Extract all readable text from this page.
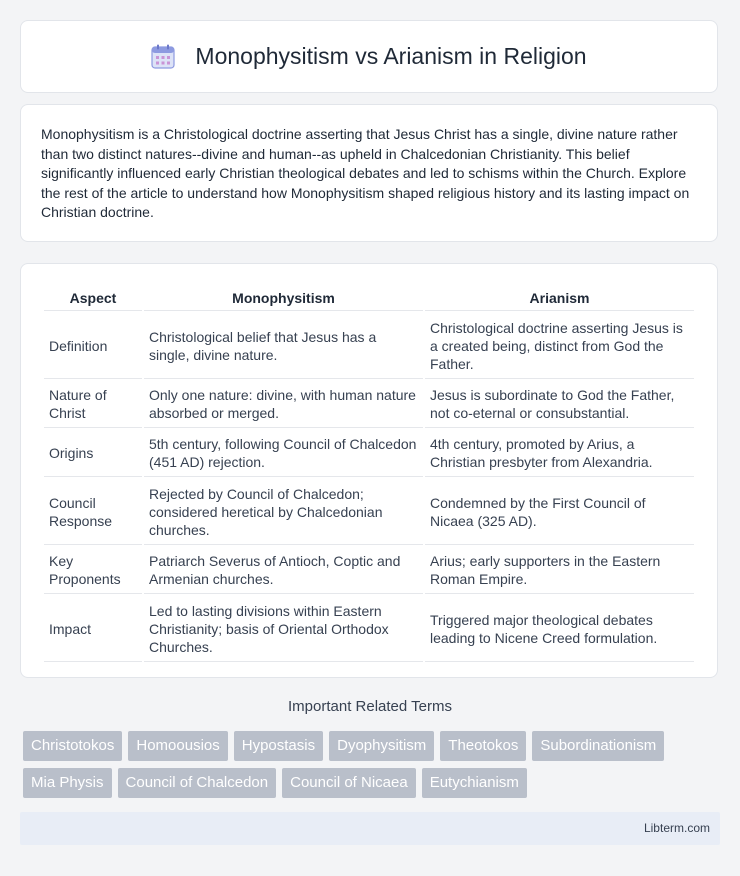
Monophysitism vs Arianism in Religion

Monophysitism is a Christological doctrine asserting that Jesus Christ has a single, divine nature rather than two distinct natures--divine and human--as upheld in Chalcedonian Christianity. This belief significantly influenced early Christian theological debates and led to schisms within the Church. Explore the rest of the article to understand how Monophysitism shaped religious history and its lasting impact on Christian doctrine.

Aspect	Monophysitism	Arianism
Definition	Christological belief that Jesus has a single, divine nature.	Christological doctrine asserting Jesus is a created being, distinct from God the Father.
Nature of Christ	Only one nature: divine, with human nature absorbed or merged.	Jesus is subordinate to God the Father, not co-eternal or consubstantial.
Origins	5th century, following Council of Chalcedon (451 AD) rejection.	4th century, promoted by Arius, a Christian presbyter from Alexandria.
Council Response	Rejected by Council of Chalcedon; considered heretical by Chalcedonian churches.	Condemned by the First Council of Nicaea (325 AD).
Key Proponents	Patriarch Severus of Antioch, Coptic and Armenian churches.	Arius; early supporters in the Eastern Roman Empire.
Impact	Led to lasting divisions within Eastern Christianity; basis of Oriental Orthodox Churches.	Triggered major theological debates leading to Nicene Creed formulation.
Important Related Terms
Christotokos	Homoousios	Hypostasis	Dyophysitism	Theotokos	Subordinationism
Mia Physis	Council of Chalcedon	Council of Nicaea	Eutychianism
Libterm.com
